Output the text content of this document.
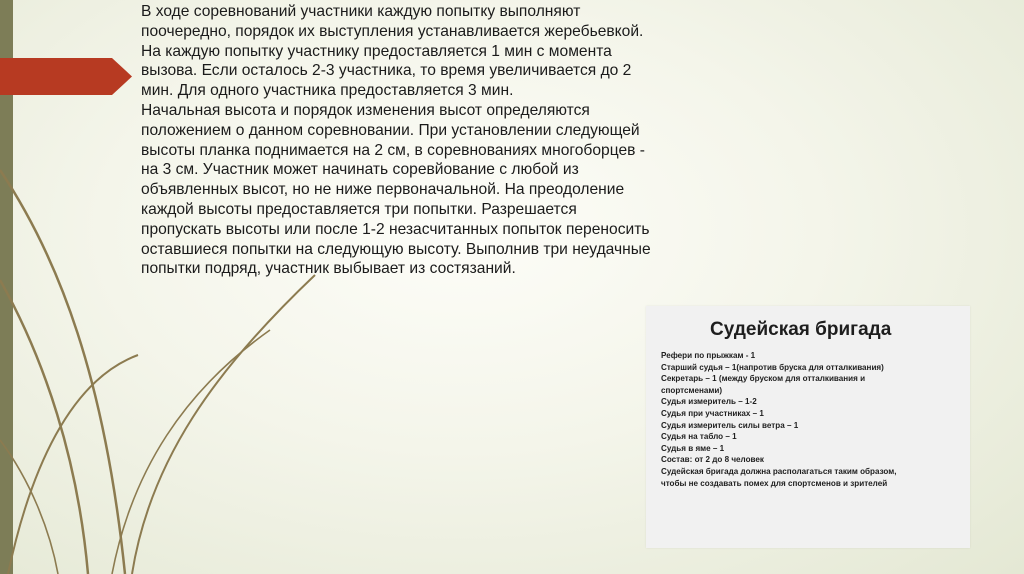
В ходе соревнований участники каждую попытку выполняют поочередно, порядок их выступления устанавливается жеребьевкой. На каждую попытку участнику предоставляется 1 мин с момента вызова. Если осталось 2-3 участника, то время увеличивается до 2 мин. Для одного участника предоставляется 3 мин.

Начальная высота и порядок изменения высот определяются положением о данном соревновании. При установлении следующей высоты планка поднимается на 2 см, в соревнованиях многоборцев - на 3 см. Участник может начинать соревйование с любой из объявленных высот, но не ниже первоначальной. На преодоление каждой высоты предоставляется три попытки. Разрешается пропускать высоты или после 1-2 незасчитанных попыток переносить оставшиеся попытки на следующую высоту. Выполнив три неудачные попытки подряд, участник выбывает из состязаний.

Судейская бригада
Рефери по прыжкам - 1
Старший судья – 1(напротив бруска для отталкивания)
Секретарь – 1 (между бруском для отталкивания и
спортсменами)
Судья измеритель – 1-2
Судья при участниках – 1
Судья измеритель силы ветра – 1
Судья на табло – 1
Судья в яме – 1
Состав: от 2 до 8 человек
Судейская бригада должна располагаться таким образом,
чтобы не создавать помех для спортсменов и зрителей
